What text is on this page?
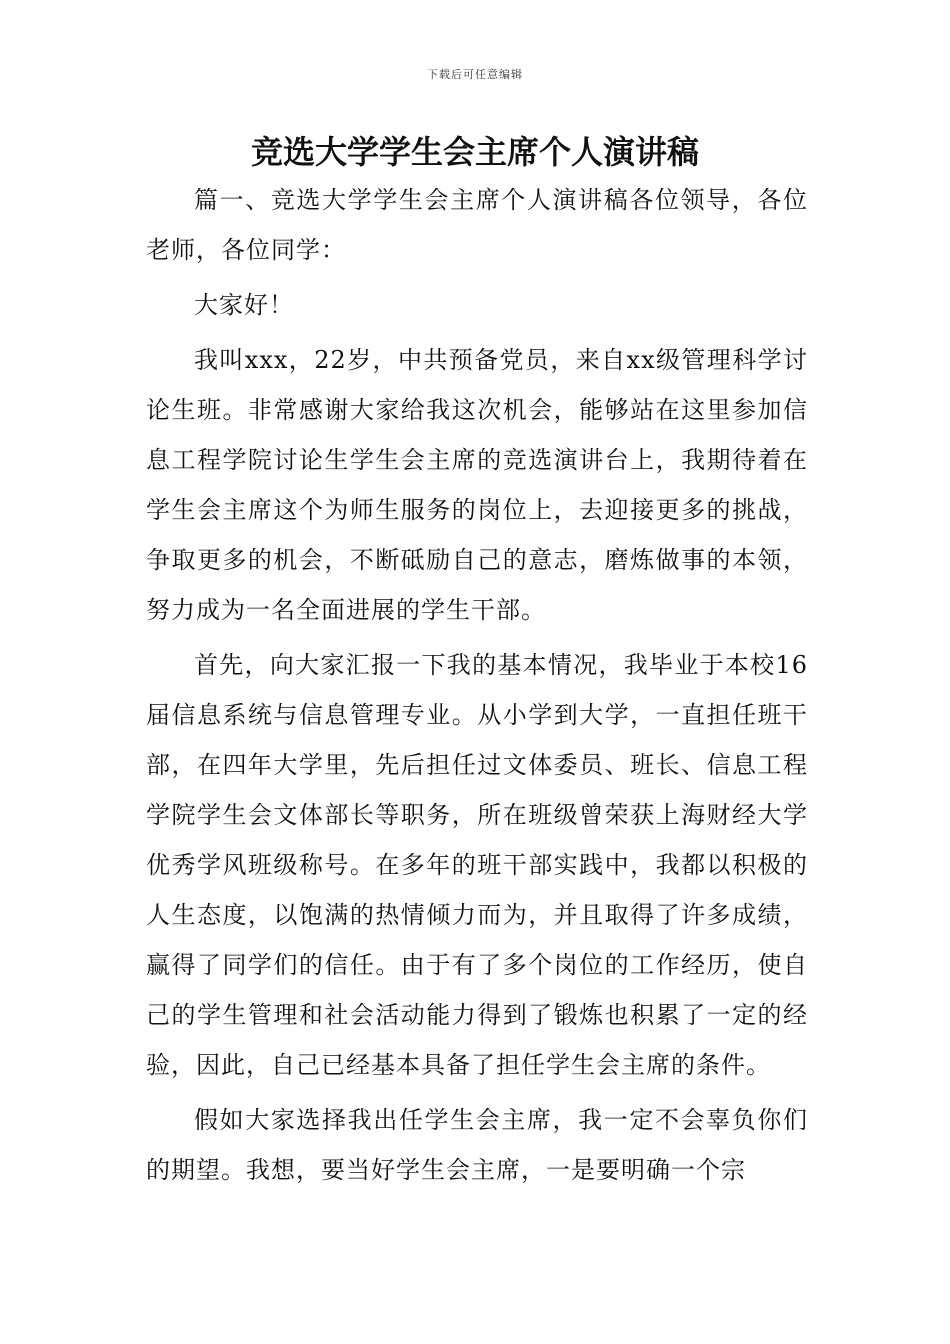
下载后可任意编辑
竞选大学学生会主席个人演讲稿

篇一、竞选大学学生会主席个人演讲稿各位领导，各位老师，各位同学：

大家好！

我叫xxx，22岁，中共预备党员，来自xx级管理科学讨论生班。非常感谢大家给我这次机会，能够站在这里参加信息工程学院讨论生学生会主席的竞选演讲台上，我期待着在学生会主席这个为师生服务的岗位上，去迎接更多的挑战，争取更多的机会，不断砥励自己的意志，磨炼做事的本领，努力成为一名全面进展的学生干部。

首先，向大家汇报一下我的基本情况，我毕业于本校16届信息系统与信息管理专业。从小学到大学，一直担任班干部，在四年大学里，先后担任过文体委员、班长、信息工程学院学生会文体部长等职务，所在班级曾荣获上海财经大学优秀学风班级称号。在多年的班干部实践中，我都以积极的人生态度，以饱满的热情倾力而为，并且取得了许多成绩，赢得了同学们的信任。由于有了多个岗位的工作经历，使自己的学生管理和社会活动能力得到了锻炼也积累了一定的经验，因此，自己已经基本具备了担任学生会主席的条件。

假如大家选择我出任学生会主席，我一定不会辜负你们的期望。我想，要当好学生会主席，一是要明确一个宗
